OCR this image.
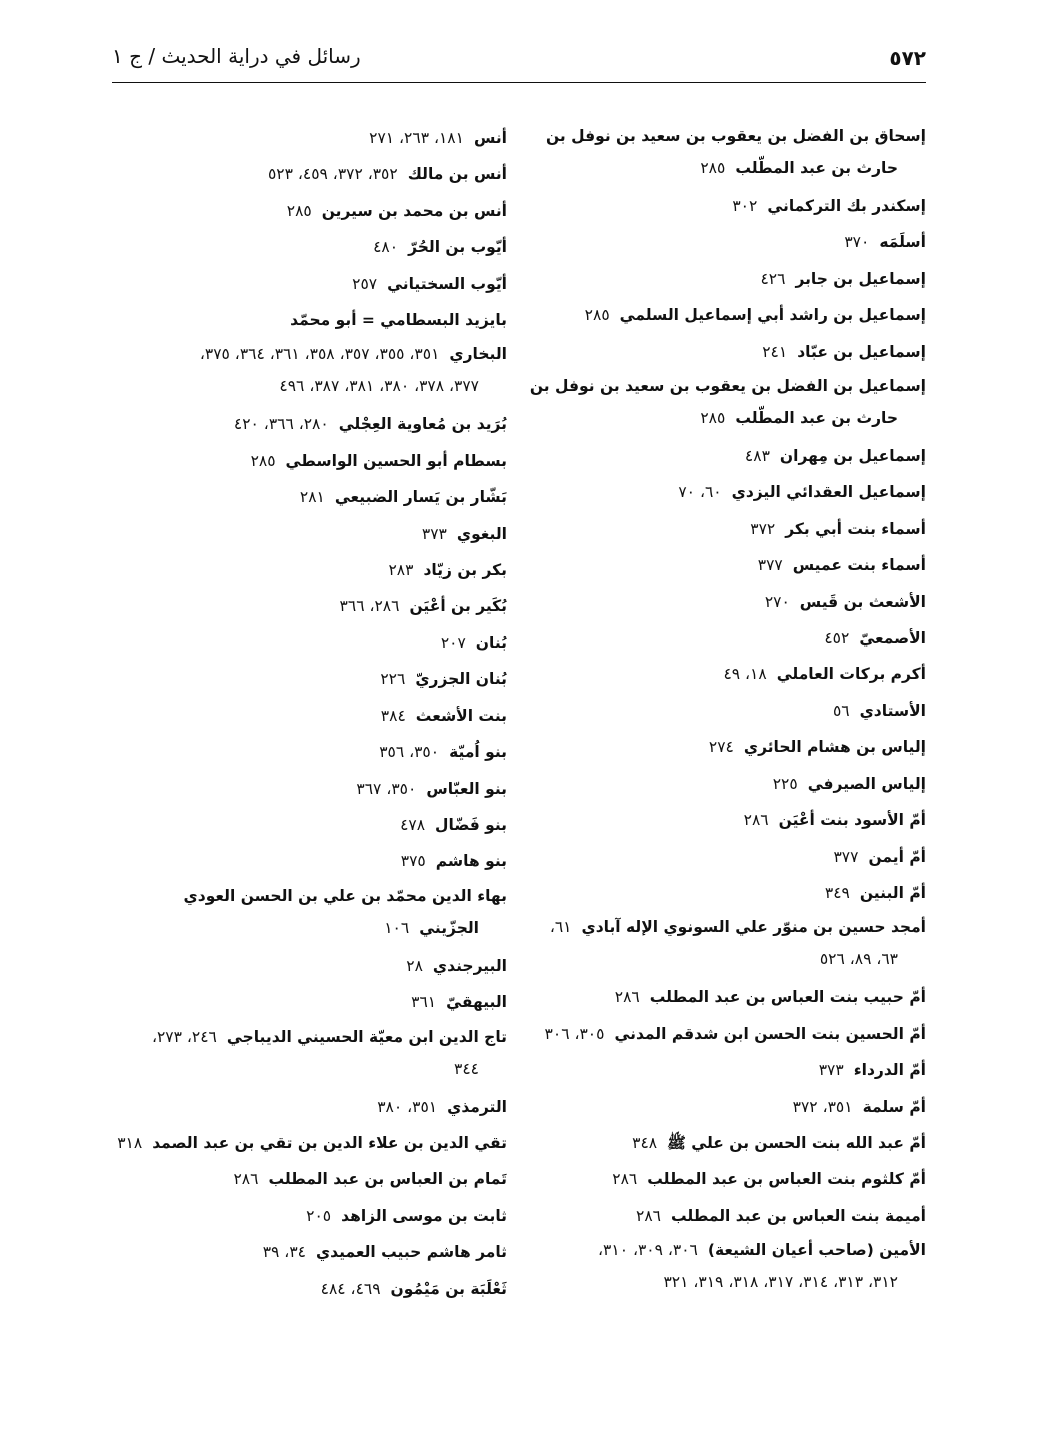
٥٧٢
رسائل في دراية الحديث / ج ١
إسحاق بن الفضل بن يعقوب بن سعيد بن نوفل بن
حارث بن عبد المطّلب٢٨٥
إسكندر بك التركماني٣٠٢
أسلَمَه٣٧٠
إسماعيل بن جابر٤٢٦
إسماعيل بن راشد أبي إسماعيل السلمي٢٨٥
إسماعيل بن عبّاد٢٤١
إسماعيل بن الفضل بن يعقوب بن سعيد بن نوفل بن
حارث بن عبد المطّلب٢٨٥
إسماعيل بن مِهران٤٨٣
إسماعيل العقدائي اليزدي٦٠، ٧٠
أسماء بنت أبي بكر٣٧٢
أسماء بنت عميس٣٧٧
الأشعث بن قَيس٢٧٠
الأصمعيّ٤٥٢
أكرم بركات العاملي١٨، ٤٩
الأستادي٥٦
إلياس بن هشام الحائري٢٧٤
إلياس الصيرفي٢٢٥
أمّ الأسود بنت أعْيَن٢٨٦
أمّ أيمن٣٧٧
أمّ البنين٣٤٩
أمجد حسين بن منوّر علي السونوي الإله آبادي٦١،
٦٣، ٨٩، ٥٢٦
أمّ حبيب بنت العباس بن عبد المطلب٢٨٦
أمّ الحسين بنت الحسن ابن شدقم المدني٣٠٥، ٣٠٦
أمّ الدرداء٣٧٣
أمّ سلمة٣٥١، ٣٧٢
أمّ عبد الله بنت الحسن بن علي ﷺ٣٤٨
أمّ كلثوم بنت العباس بن عبد المطلب٢٨٦
أميمة بنت العباس بن عبد المطلب٢٨٦
الأمين (صاحب أعيان الشيعة)٣٠٦، ٣٠٩، ٣١٠،
٣١٢، ٣١٣، ٣١٤، ٣١٧، ٣١٨، ٣١٩، ٣٢١
أنس١٨١، ٢٦٣، ٢٧١
أنس بن مالك٣٥٢، ٣٧٢، ٤٥٩، ٥٢٣
أنس بن محمد بن سيرين٢٨٥
أيّوب بن الحُرّ٤٨٠
أيّوب السختياني٢٥٧
بايزيد البسطامي = أبو محمّد
البخاري٣٥١، ٣٥٥، ٣٥٧، ٣٥٨، ٣٦١، ٣٦٤، ٣٧٥،
٣٧٧، ٣٧٨، ٣٨٠، ٣٨١، ٣٨٧، ٤٩٦
بُرَيد بن مُعاوية العِجْلي٢٨٠، ٣٦٦، ٤٢٠
بسطام أبو الحسين الواسطي٢٨٥
بَشّار بن يَسار الضبيعي٢٨١
البغوي٣٧٣
بكر بن زيّاد٢٨٣
بُكَير بن أعْيَن٢٨٦، ٣٦٦
بُنان٢٠٧
بُنان الجزريّ٢٢٦
بنت الأشعث٣٨٤
بنو اُميّة٣٥٠، ٣٥٦
بنو العبّاس٣٥٠، ٣٦٧
بنو فَضّال٤٧٨
بنو هاشم٣٧٥
بهاء الدين محمّد بن علي بن الحسن العودي
الجزّيني١٠٦
البيرجندي٢٨
البيهقيّ٣٦١
تاج الدين ابن معيّة الحسيني الديباجي٢٤٦، ٢٧٣،
٣٤٤
الترمذي٣٥١، ٣٨٠
تقي الدين بن علاء الدين بن تقي بن عبد الصمد٣١٨
تَمام بن العباس بن عبد المطلب٢٨٦
ثابت بن موسى الزاهد٢٠٥
ثامر هاشم حبيب العميدي٣٤، ٣٩
ثَعْلَبَة بن مَيْمُون٤٦٩، ٤٨٤
